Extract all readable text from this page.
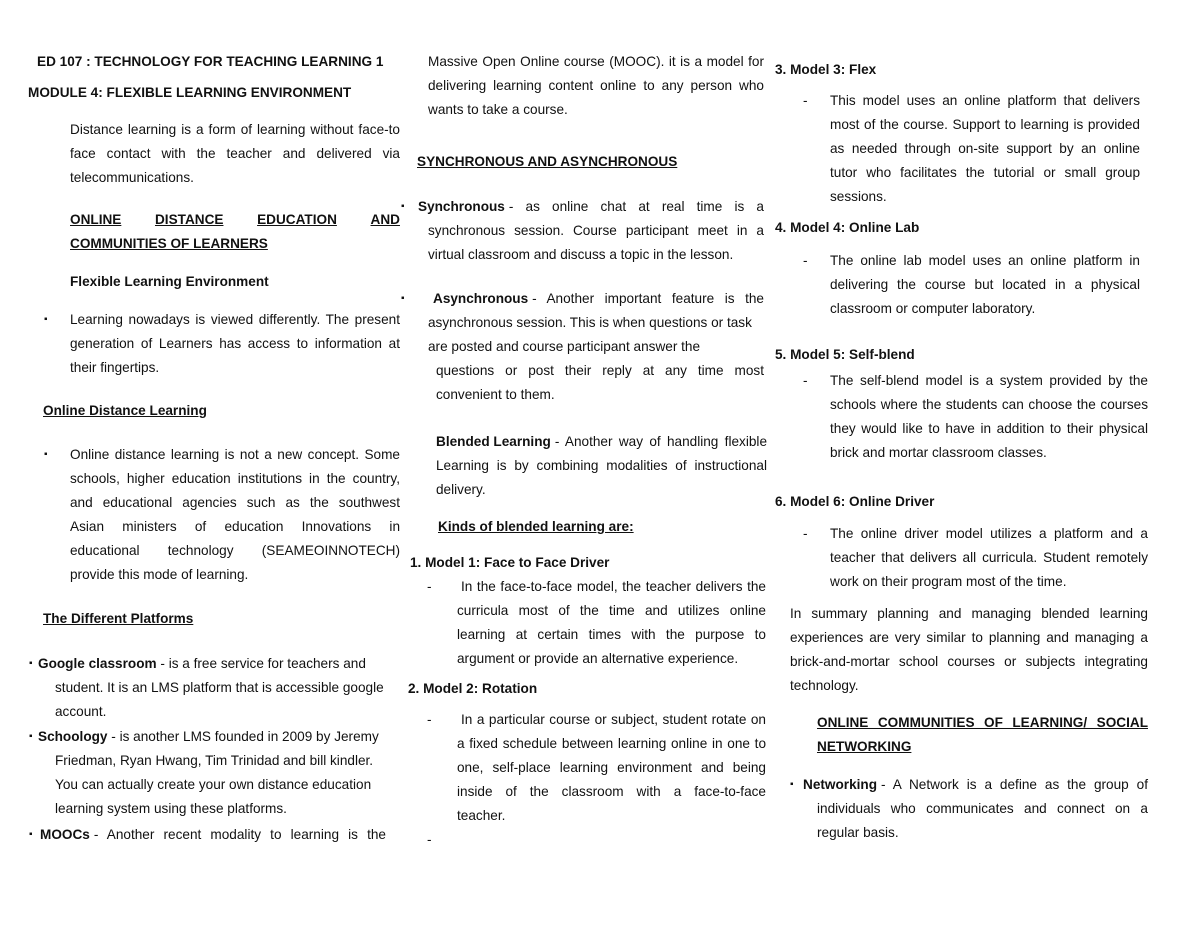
ED 107 : TECHNOLOGY FOR TEACHING LEARNING 1
MODULE 4: FLEXIBLE LEARNING ENVIRONMENT
Distance learning is a form of learning without face-to
face contact with the teacher and delivered via
telecommunications.
ONLINE DISTANCE EDUCATION AND
COMMUNITIES OF LEARNERS
Flexible Learning Environment
▪ Learning nowadays is viewed differently. The present
generation of Learners has access to information at
their fingertips.
Online Distance Learning
▪ Online distance learning is not a new concept. Some
schools, higher education institutions in the country,
and educational agencies such as the southwest
Asian ministers of education Innovations in
educational technology (SEAMEOINNOTECH)
provide this mode of learning.
The Different Platforms
▪ Google classroom - is a free service for teachers and
student. It is an LMS platform that is accessible google
account.
▪ Schoology - is another LMS founded in 2009 by Jeremy
Friedman, Ryan Hwang, Tim Trinidad and bill kindler.
You can actually create your own distance education
learning system using these platforms.
▪ MOOCs - Another recent modality to learning is the
Massive Open Online course (MOOC). it is a model for
delivering learning content online to any person who
wants to take a course.
SYNCHRONOUS AND ASYNCHRONOUS
▪ Synchronous - as online chat at real time is a
synchronous session. Course participant meet in a
virtual classroom and discuss a topic in the lesson.
▪ Asynchronous - Another important feature is the
asynchronous session. This is when questions or task
are posted and course participant answer the
questions or post their reply at any time most
convenient to them.
Blended Learning - Another way of handling flexible
Learning is by combining modalities of instructional
delivery.
Kinds of blended learning are:
1. Model 1: Face to Face Driver
- In the face-to-face model, the teacher delivers the
curricula most of the time and utilizes online
learning at certain times with the purpose to
argument or provide an alternative experience.
2. Model 2: Rotation
- In a particular course or subject, student rotate on
a fixed schedule between learning online in one to
one, self-place learning environment and being
inside of the classroom with a face-to-face
teacher.
-
3. Model 3: Flex
- This model uses an online platform that delivers
most of the course. Support to learning is provided
as needed through on-site support by an online
tutor who facilitates the tutorial or small group
sessions.
4. Model 4: Online Lab
- The online lab model uses an online platform in
delivering the course but located in a physical
classroom or computer laboratory.
5. Model 5: Self-blend
- The self-blend model is a system provided by the
schools where the students can choose the courses
they would like to have in addition to their physical
brick and mortar classroom classes.
6. Model 6: Online Driver
- The online driver model utilizes a platform and a
teacher that delivers all curricula. Student remotely
work on their program most of the time.
In summary planning and managing blended learning
experiences are very similar to planning and managing a
brick-and-mortar school courses or subjects integrating
technology.
ONLINE COMMUNITIES OF LEARNING/ SOCIAL
NETWORKING
▪ Networking - A Network is a define as the group of
individuals who communicates and connect on a
regular basis.
